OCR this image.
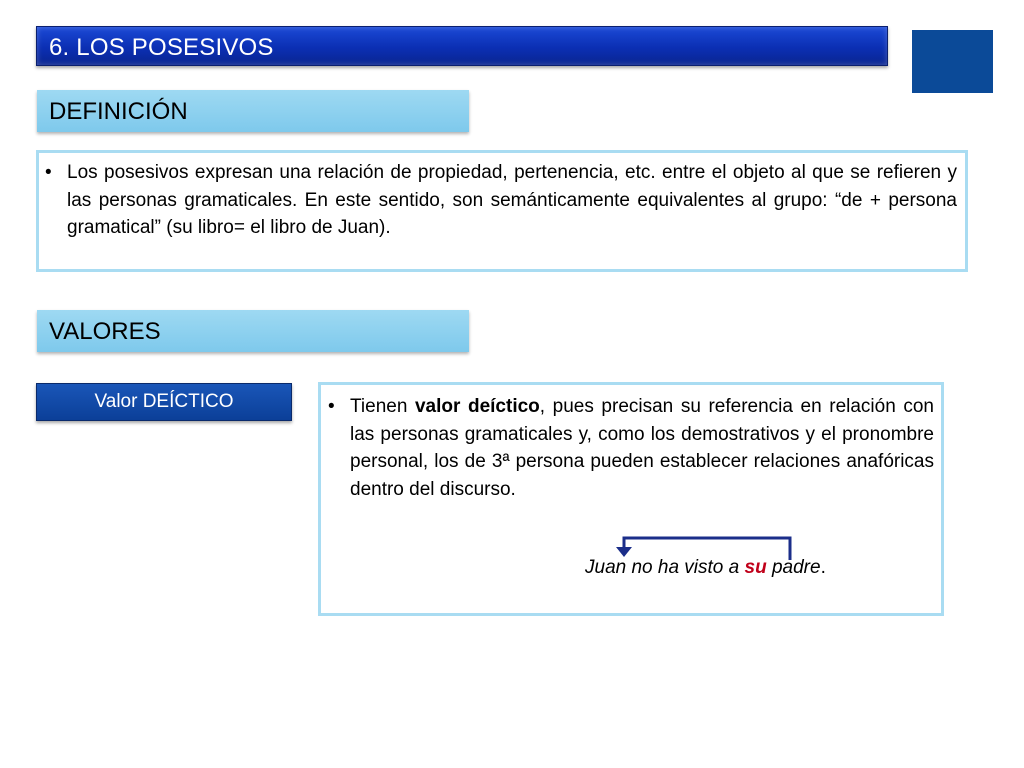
6. LOS POSESIVOS
DEFINICIÓN
• Los posesivos expresan una relación de propiedad, pertenencia, etc. entre el objeto al que se refieren y las personas gramaticales. En este sentido, son semánticamente equivalentes al grupo: “de + persona gramatical” (su libro= el libro de Juan).
VALORES
Valor DEÍCTICO	• Tienen valor deíctico, pues precisan su referencia en relación con las personas gramaticales y, como los demostrativos y el pronombre personal, los de 3ª persona pueden establecer relaciones anafóricas dentro del discurso.
Juan no ha visto a su padre.
